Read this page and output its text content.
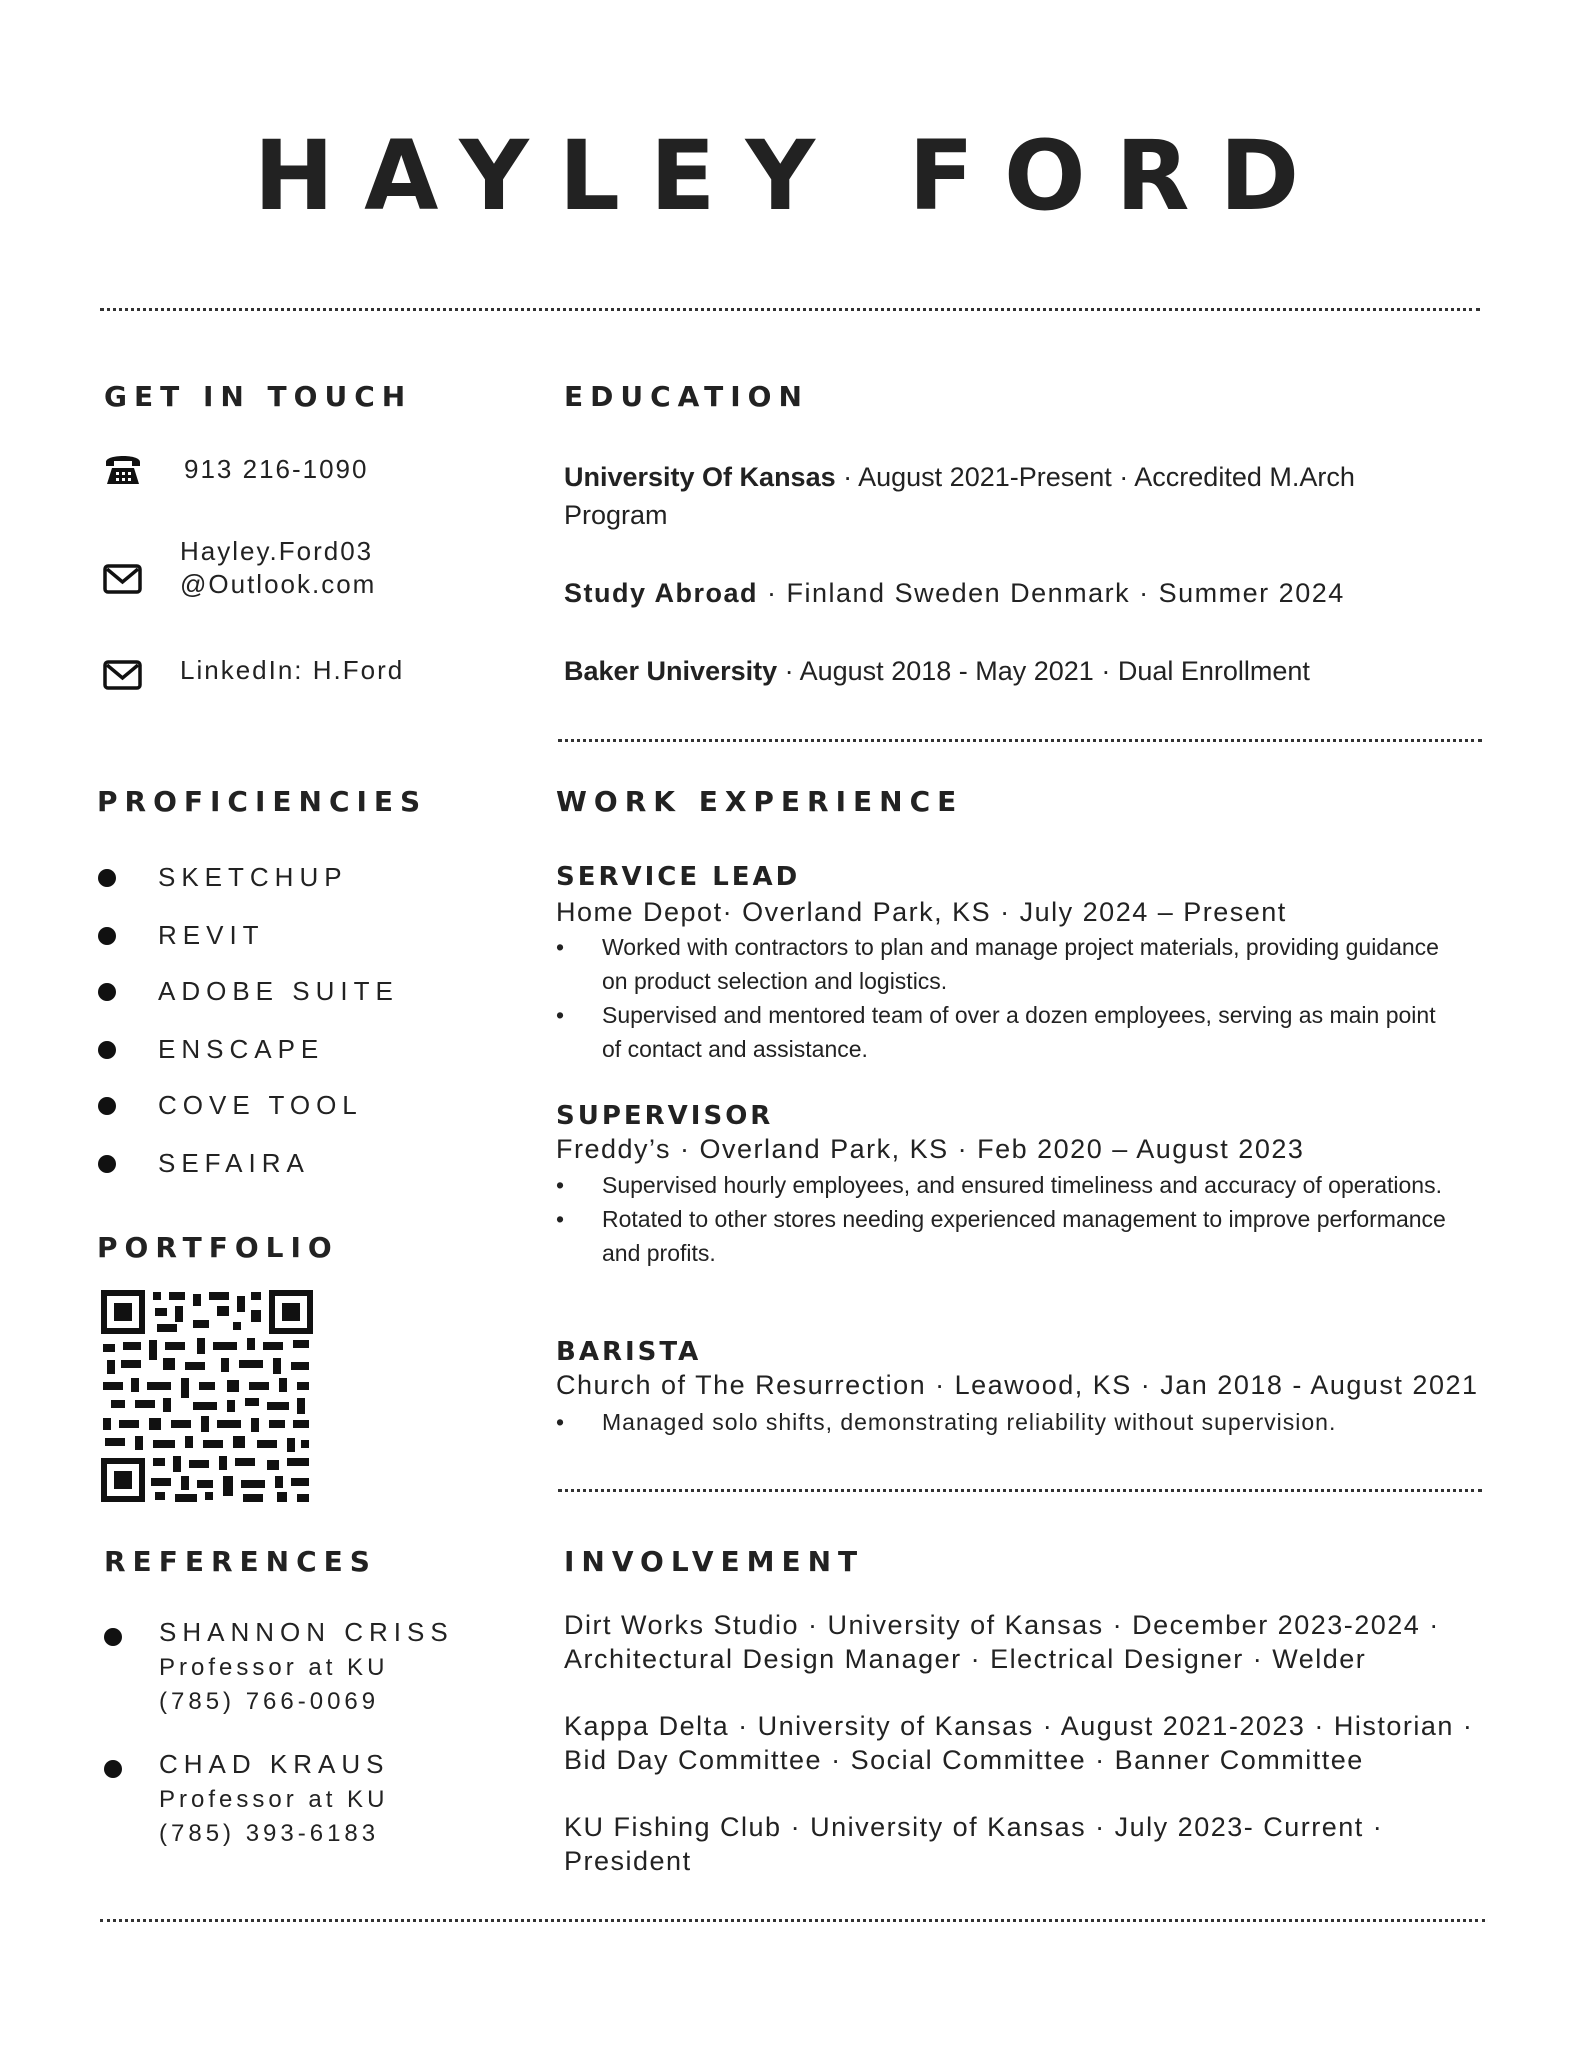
HAYLEY FORD
GET IN TOUCH
913 216-1090
Hayley.Ford03
@Outlook.com
LinkedIn: H.Ford
PROFICIENCIES
SKETCHUP
REVIT
ADOBE SUITE
ENSCAPE
COVE TOOL
SEFAIRA
PORTFOLIO
REFERENCES
SHANNON CRISS
Professor at KU
(785) 766-0069
CHAD KRAUS
Professor at KU
(785) 393-6183
EDUCATION
University Of Kansas · August 2021-Present · Accredited M.Arch Program
Study Abroad · Finland Sweden Denmark · Summer 2024
Baker University · August 2018 - May 2021 · Dual Enrollment
WORK EXPERIENCE
SERVICE LEAD
Home Depot· Overland Park, KS · July 2024 – Present
• Worked with contractors to plan and manage project materials, providing guidance on product selection and logistics.
• Supervised and mentored team of over a dozen employees, serving as main point of contact and assistance.
SUPERVISOR
Freddy’s · Overland Park, KS · Feb 2020 – August 2023
• Supervised hourly employees, and ensured timeliness and accuracy of operations.
• Rotated to other stores needing experienced management to improve performance and profits.
BARISTA
Church of The Resurrection · Leawood, KS · Jan 2018 - August 2021
• Managed solo shifts, demonstrating reliability without supervision.
INVOLVEMENT
Dirt Works Studio · University of Kansas · December 2023-2024 · Architectural Design Manager · Electrical Designer · Welder
Kappa Delta · University of Kansas · August 2021-2023 · Historian · Bid Day Committee · Social Committee · Banner Committee
KU Fishing Club · University of Kansas · July 2023- Current · President
